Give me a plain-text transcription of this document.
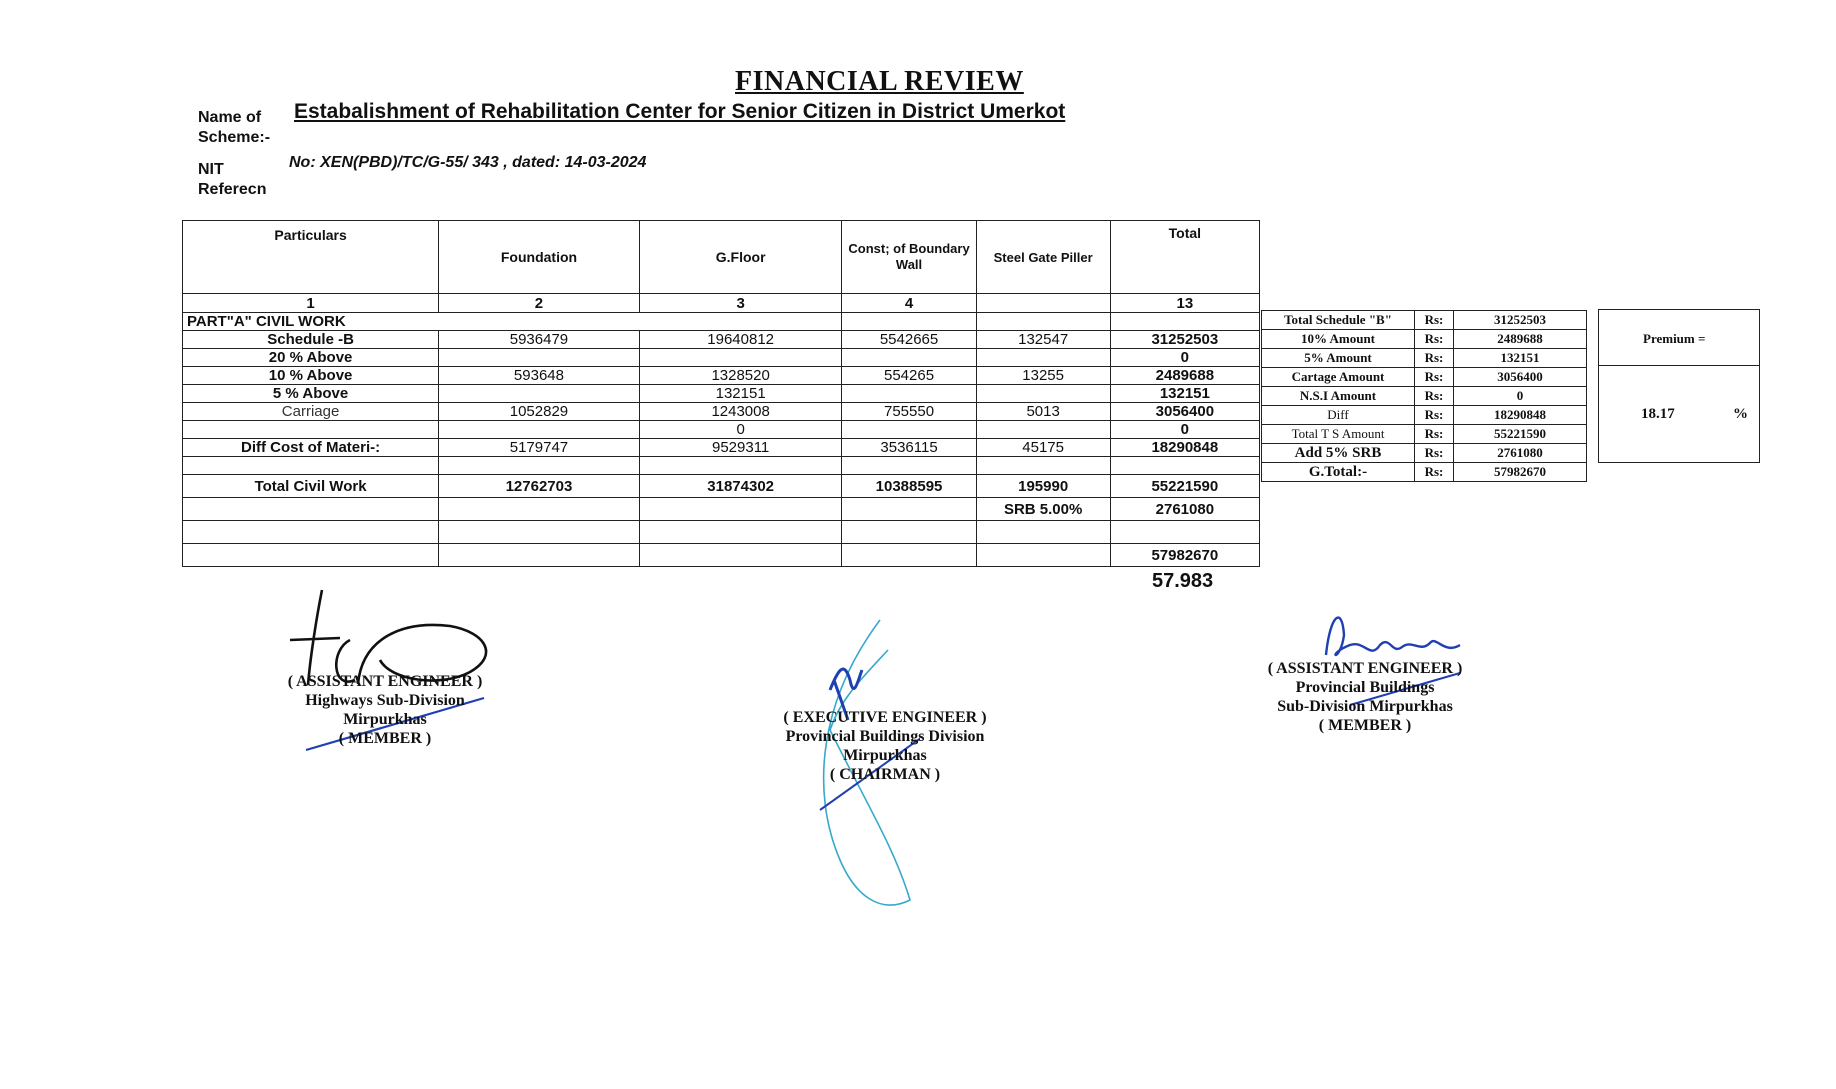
FINANCIAL REVIEW
Name of
Scheme:-
Estabalishment of Rehabilitation Center for Senior Citizen in District Umerkot
NIT
Referecn
No: XEN(PBD)/TC/G-55/ 343 , dated: 14-03-2024
Particulars	Foundation	G.Floor	Const; of Boundary Wall	Steel Gate Piller	Total
1	2	3	4		13
PART"A" CIVIL WORK					
Schedule -B	5936479	19640812	5542665	132547	31252503
20 % Above					0
10 % Above	593648	1328520	554265	13255	2489688
5 % Above		132151			132151
Carriage	1052829	1243008	755550	5013	3056400
		0			0
Diff Cost of Materi-:	5179747	9529311	3536115	45175	18290848

Total Civil Work	12762703	31874302	10388595	195990	55221590
				SRB 5.00%	2761080

					57982670
57.983
Total Schedule "B"	Rs:	31252503
10% Amount	Rs:	2489688
5% Amount	Rs:	132151
Cartage Amount	Rs:	3056400
N.S.I Amount	Rs:	0
Diff	Rs:	18290848
Total T S Amount	Rs:	55221590
Add 5% SRB	Rs:	2761080
G.Total:-	Rs:	57982670
Premium =
18.17	%
( ASSISTANT ENGINEER )
Highways Sub-Division
Mirpurkhas
( MEMBER )
( EXECUTIVE ENGINEER )
Provincial Buildings Division
Mirpurkhas
( CHAIRMAN )
( ASSISTANT ENGINEER )
Provincial Buildings
Sub-Division Mirpurkhas
( MEMBER )
